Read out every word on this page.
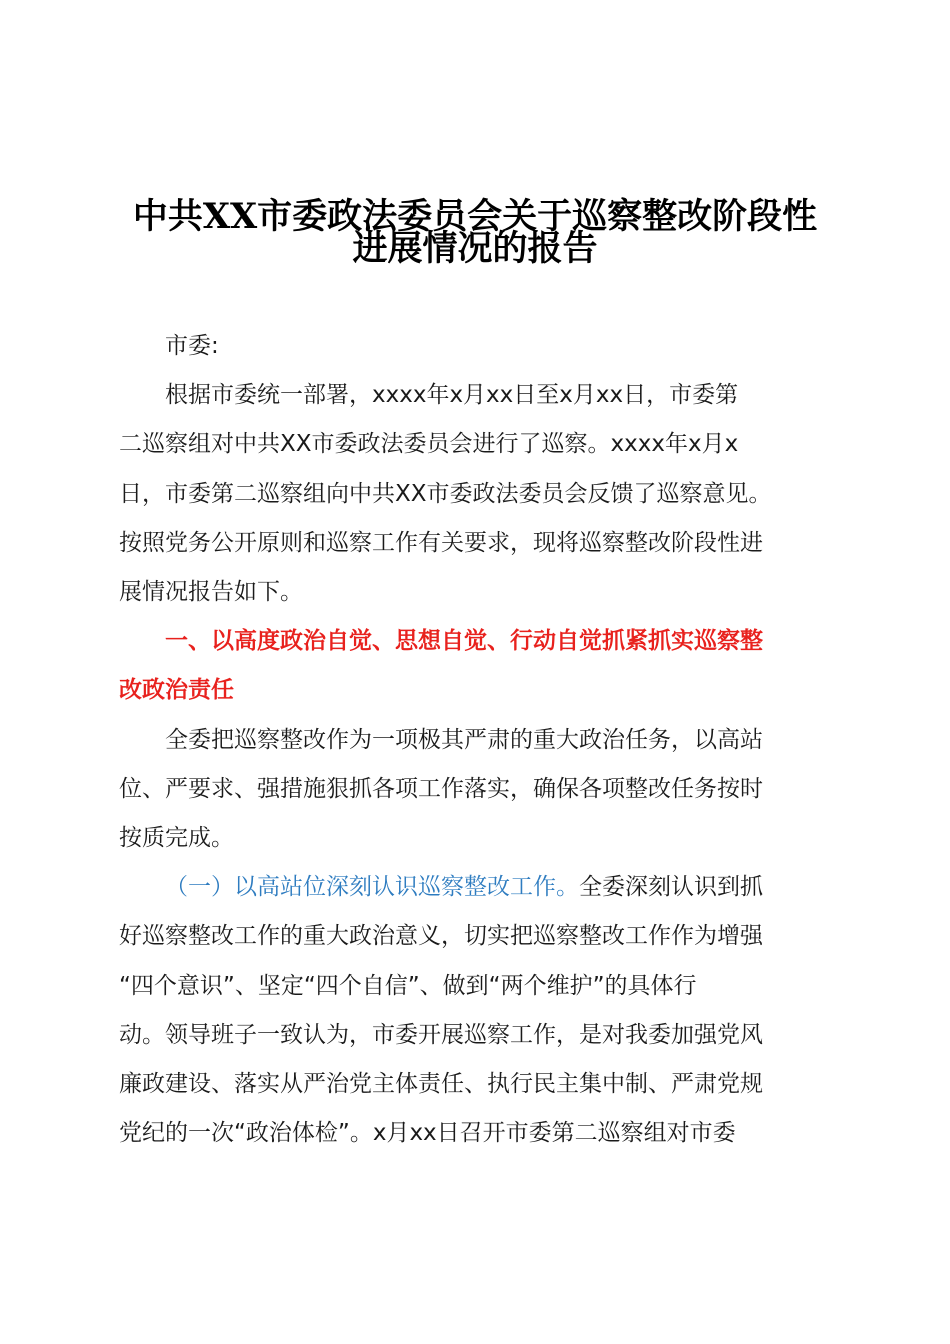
中共XX市委政法委员会关于巡察整改阶段性
进展情况的报告
市委:
根据市委统一部署，xxxx年x月xx日至x月xx日，市委第
二巡察组对中共XX市委政法委员会进行了巡察。xxxx年x月x
日，市委第二巡察组向中共XX市委政法委员会反馈了巡察意见。
按照党务公开原则和巡察工作有关要求，现将巡察整改阶段性进
展情况报告如下。
一、以高度政治自觉、思想自觉、行动自觉抓紧抓实巡察整
改政治责任
全委把巡察整改作为一项极其严肃的重大政治任务，以高站
位、严要求、强措施狠抓各项工作落实，确保各项整改任务按时
按质完成。
（一）以高站位深刻认识巡察整改工作。全委深刻认识到抓
好巡察整改工作的重大政治意义，切实把巡察整改工作作为增强
“四个意识”、坚定“四个自信”、做到“两个维护”的具体行
动。领导班子一致认为，市委开展巡察工作，是对我委加强党风
廉政建设、落实从严治党主体责任、执行民主集中制、严肃党规
党纪的一次“政治体检”。x月xx日召开市委第二巡察组对市委
